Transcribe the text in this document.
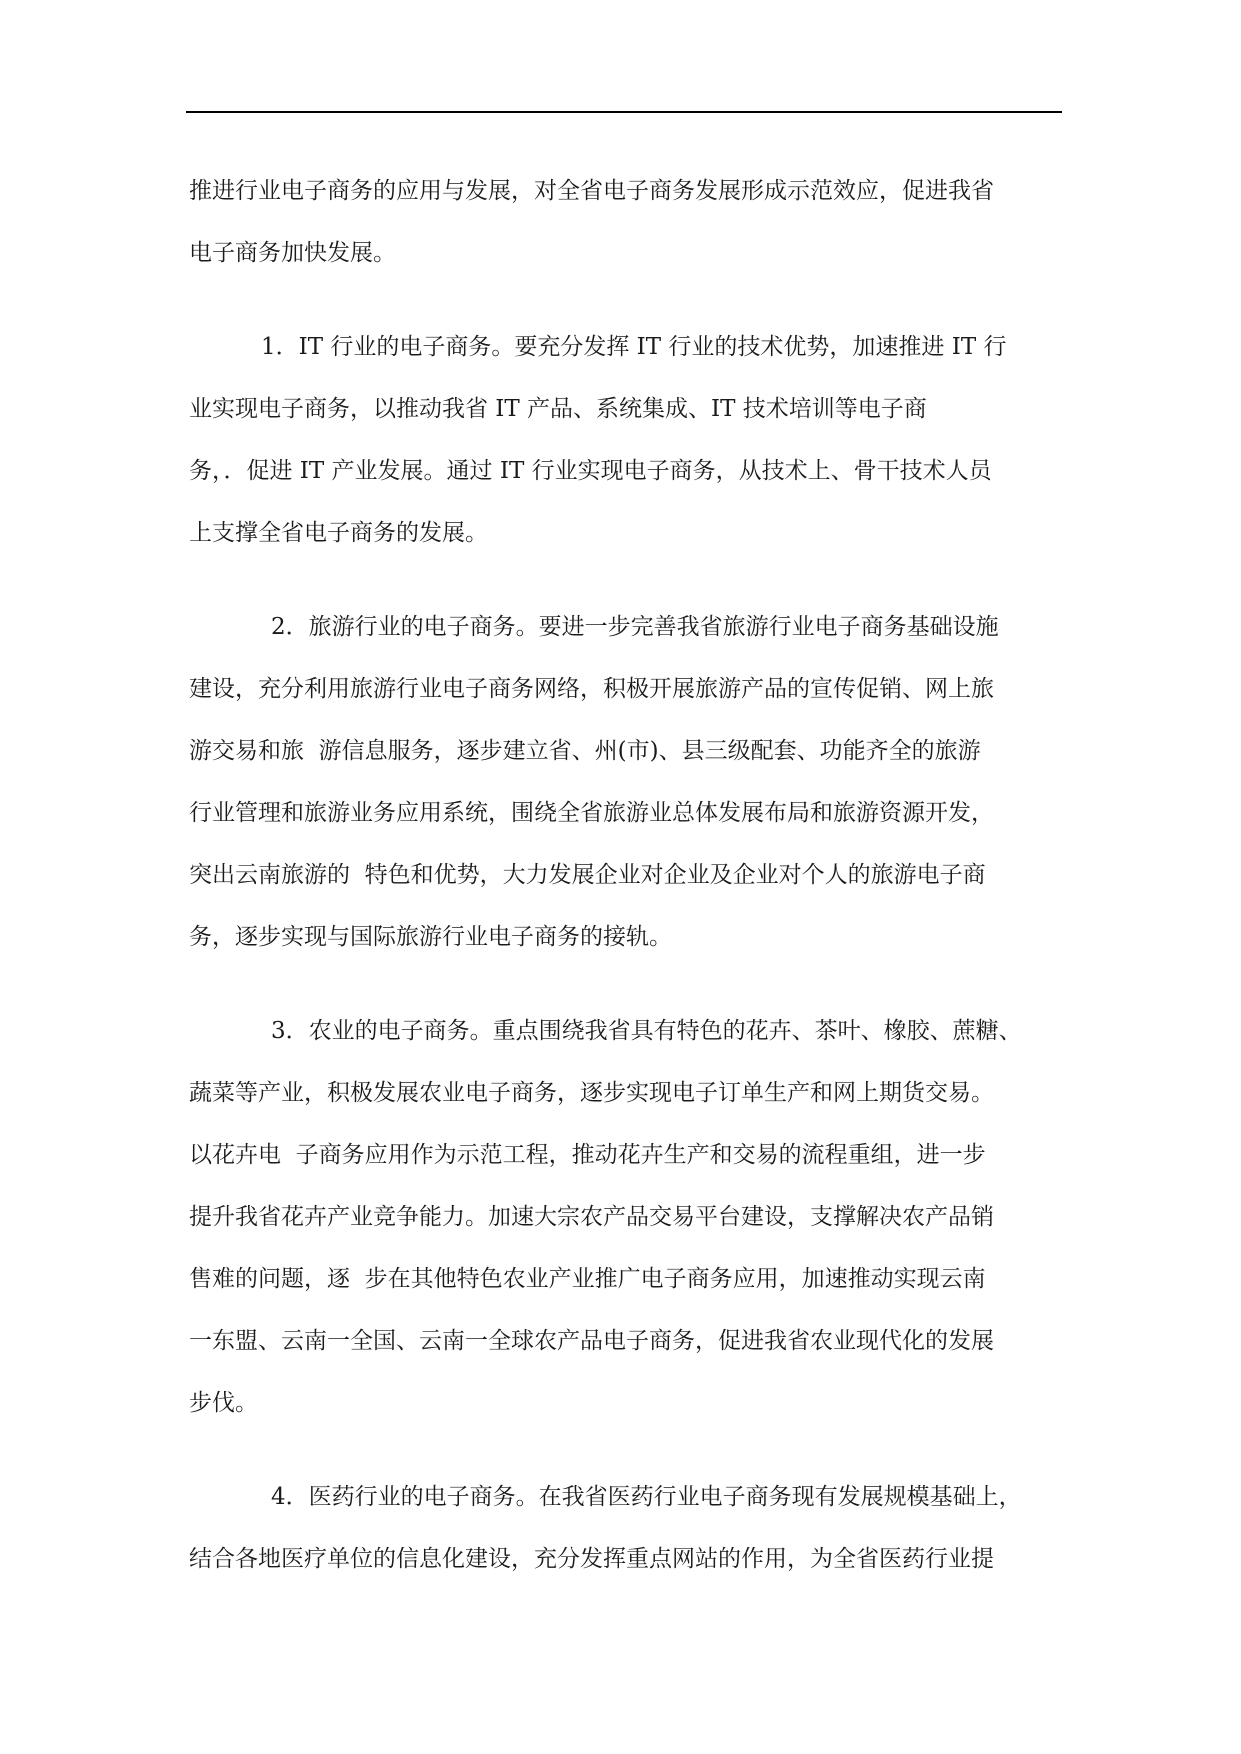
推进行业电子商务的应用与发展，对全省电子商务发展形成示范效应，促进我省
电子商务加快发展。

1．IT 行业的电子商务。要充分发挥 IT 行业的技术优势，加速推进 IT 行
业实现电子商务，以推动我省 IT 产品、系统集成、IT 技术培训等电子商
务，．促进 IT 产业发展。通过 IT 行业实现电子商务，从技术上、骨干技术人员
上支撑全省电子商务的发展。

2．旅游行业的电子商务。要进一步完善我省旅游行业电子商务基础设施
建设，充分利用旅游行业电子商务网络，积极开展旅游产品的宣传促销、网上旅
游交易和旅  游信息服务，逐步建立省、州(市)、县三级配套、功能齐全的旅游
行业管理和旅游业务应用系统，围绕全省旅游业总体发展布局和旅游资源开发，
突出云南旅游的  特色和优势，大力发展企业对企业及企业对个人的旅游电子商
务，逐步实现与国际旅游行业电子商务的接轨。

3．农业的电子商务。重点围绕我省具有特色的花卉、茶叶、橡胶、蔗糖、
蔬菜等产业，积极发展农业电子商务，逐步实现电子订单生产和网上期货交易。
以花卉电  子商务应用作为示范工程，推动花卉生产和交易的流程重组，进一步
提升我省花卉产业竞争能力。加速大宗农产品交易平台建设，支撑解决农产品销
售难的问题，逐  步在其他特色农业产业推广电子商务应用，加速推动实现云南
一东盟、云南一全国、云南一全球农产品电子商务，促进我省农业现代化的发展
步伐。

4．医药行业的电子商务。在我省医药行业电子商务现有发展规模基础上，
结合各地医疗单位的信息化建设，充分发挥重点网站的作用，为全省医药行业提
